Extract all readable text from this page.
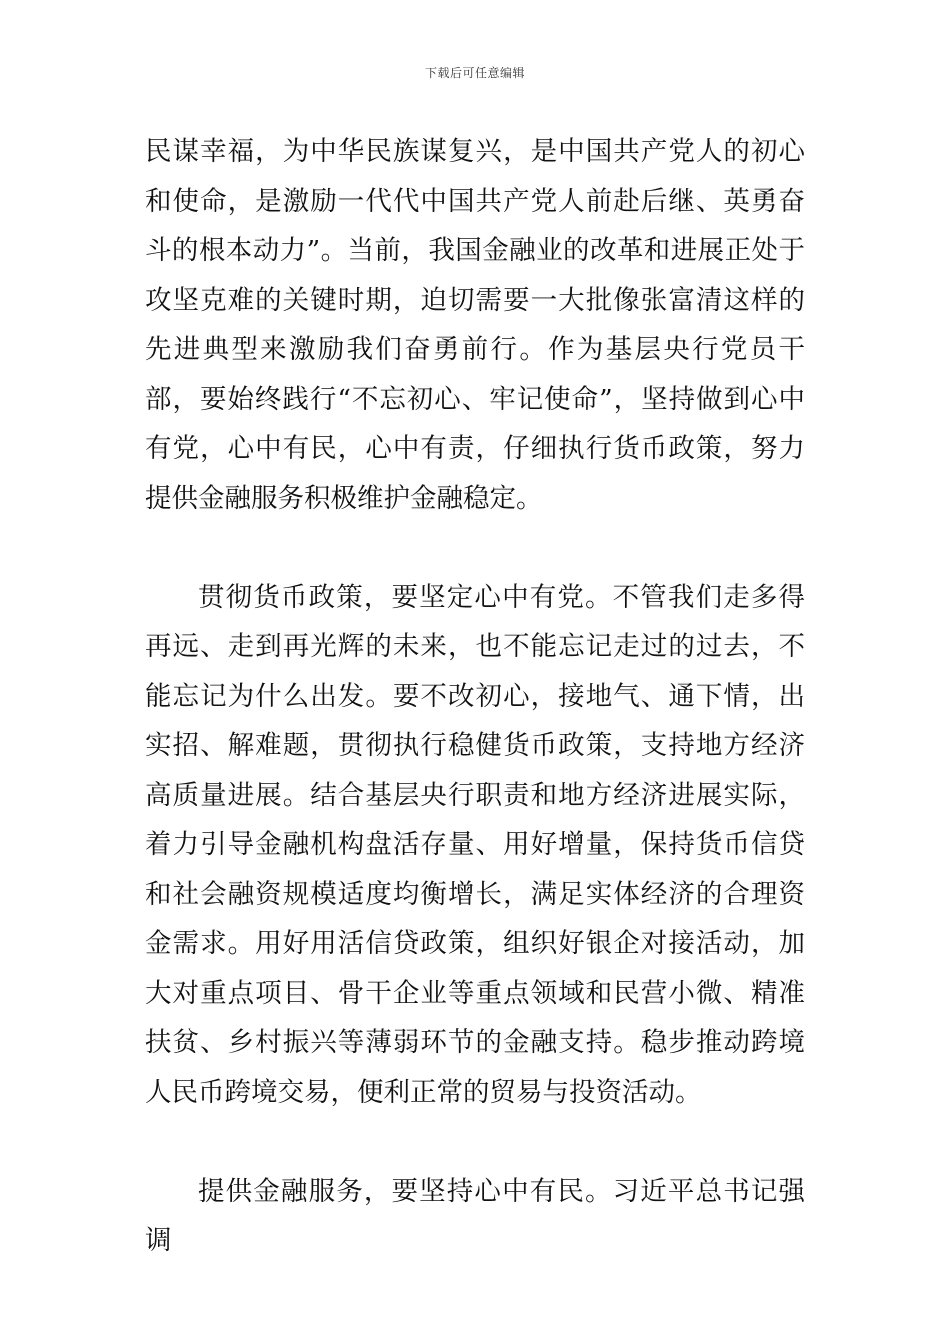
下载后可任意编辑

民谋幸福，为中华民族谋复兴，是中国共产党人的初心和使命，是激励一代代中国共产党人前赴后继、英勇奋斗的根本动力”。当前，我国金融业的改革和进展正处于攻坚克难的关键时期，迫切需要一大批像张富清这样的先进典型来激励我们奋勇前行。作为基层央行党员干部，要始终践行“不忘初心、牢记使命”，坚持做到心中有党，心中有民，心中有责，仔细执行货币政策，努力提供金融服务积极维护金融稳定。

贯彻货币政策，要坚定心中有党。不管我们走多得再远、走到再光辉的未来，也不能忘记走过的过去，不能忘记为什么出发。要不改初心，接地气、通下情，出实招、解难题，贯彻执行稳健货币政策，支持地方经济高质量进展。结合基层央行职责和地方经济进展实际，着力引导金融机构盘活存量、用好增量，保持货币信贷和社会融资规模适度均衡增长，满足实体经济的合理资金需求。用好用活信贷政策，组织好银企对接活动，加大对重点项目、骨干企业等重点领域和民营小微、精准扶贫、乡村振兴等薄弱环节的金融支持。稳步推动跨境人民币跨境交易，便利正常的贸易与投资活动。

提供金融服务，要坚持心中有民。习近平总书记强调
